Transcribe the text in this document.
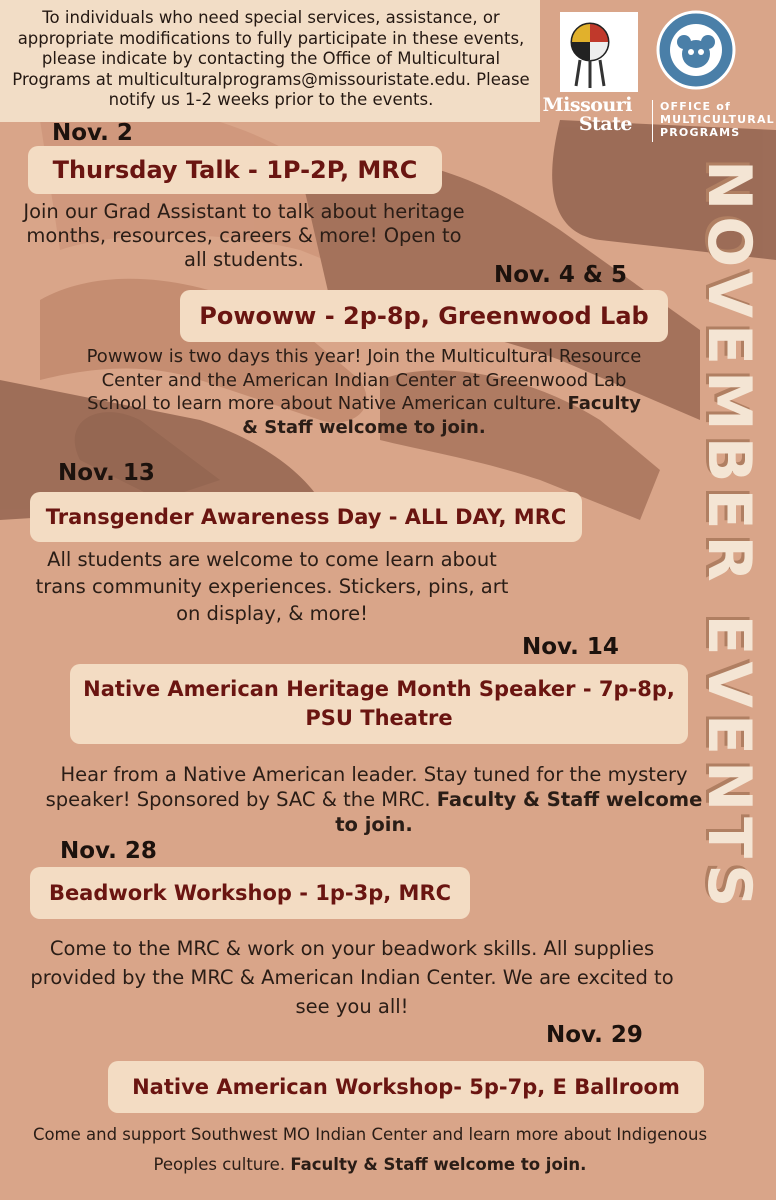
To individuals who need special services, assistance, or appropriate modifications to fully participate in these events, please indicate by contacting the Office of Multicultural Programs at multiculturalprograms@missouristate.edu. Please notify us 1-2 weeks prior to the events.	Missouri
State
OFFICE of
MULTICULTURAL
PROGRAMS
NOVEMBER EVENTS
Nov. 2
Thursday Talk - 1P-2P, MRC
Join our Grad Assistant to talk about heritage months, resources, careers & more! Open to all students.
Nov. 4 & 5
Powoww - 2p-8p, Greenwood Lab
Powwow is two days this year! Join the Multicultural Resource Center and the American Indian Center at Greenwood Lab School to learn more about Native American culture. Faculty & Staff welcome to join.
Nov. 13
Transgender Awareness Day - ALL DAY, MRC
All students are welcome to come learn about trans community experiences. Stickers, pins, art on display, & more!
Nov. 14
Native American Heritage Month Speaker - 7p-8p,
PSU Theatre
Hear from a Native American leader. Stay tuned for the mystery speaker! Sponsored by SAC & the MRC. Faculty & Staff welcome to join.
Nov. 28
Beadwork Workshop - 1p-3p, MRC
Come to the MRC & work on your beadwork skills. All supplies provided by the MRC & American Indian Center. We are excited to see you all!
Nov. 29
Native American Workshop- 5p-7p, E Ballroom
Come and support Southwest MO Indian Center and learn more about Indigenous Peoples culture. Faculty & Staff welcome to join.
